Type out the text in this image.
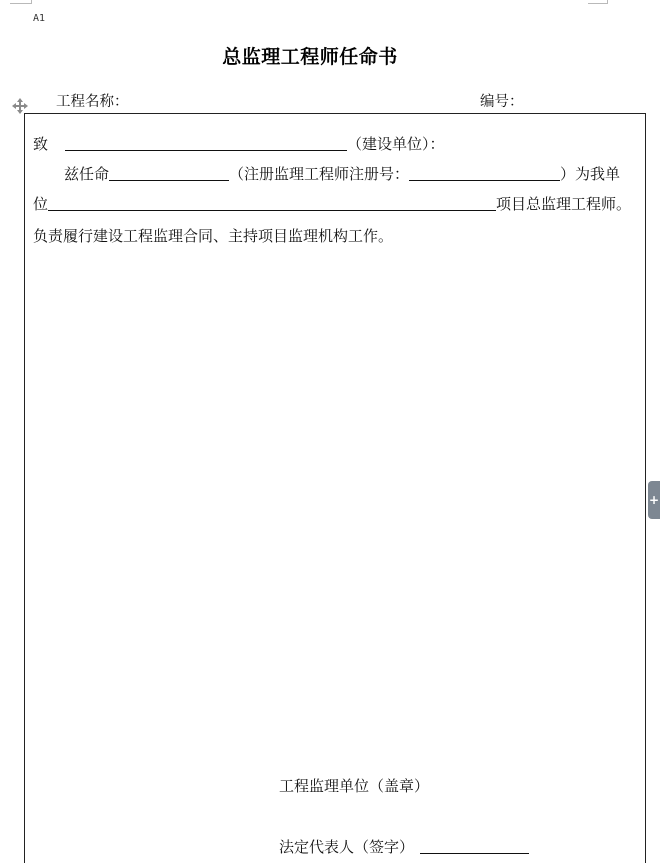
A1
总监理工程师任命书
工程名称：	编号：
致	（建设单位）：
兹任命	（注册监理工程师注册号：	）为我单
位	项目总监理工程师。
负责履行建设工程监理合同、主持项目监理机构工作。
工程监理单位（盖章）
法定代表人（签字）
+
